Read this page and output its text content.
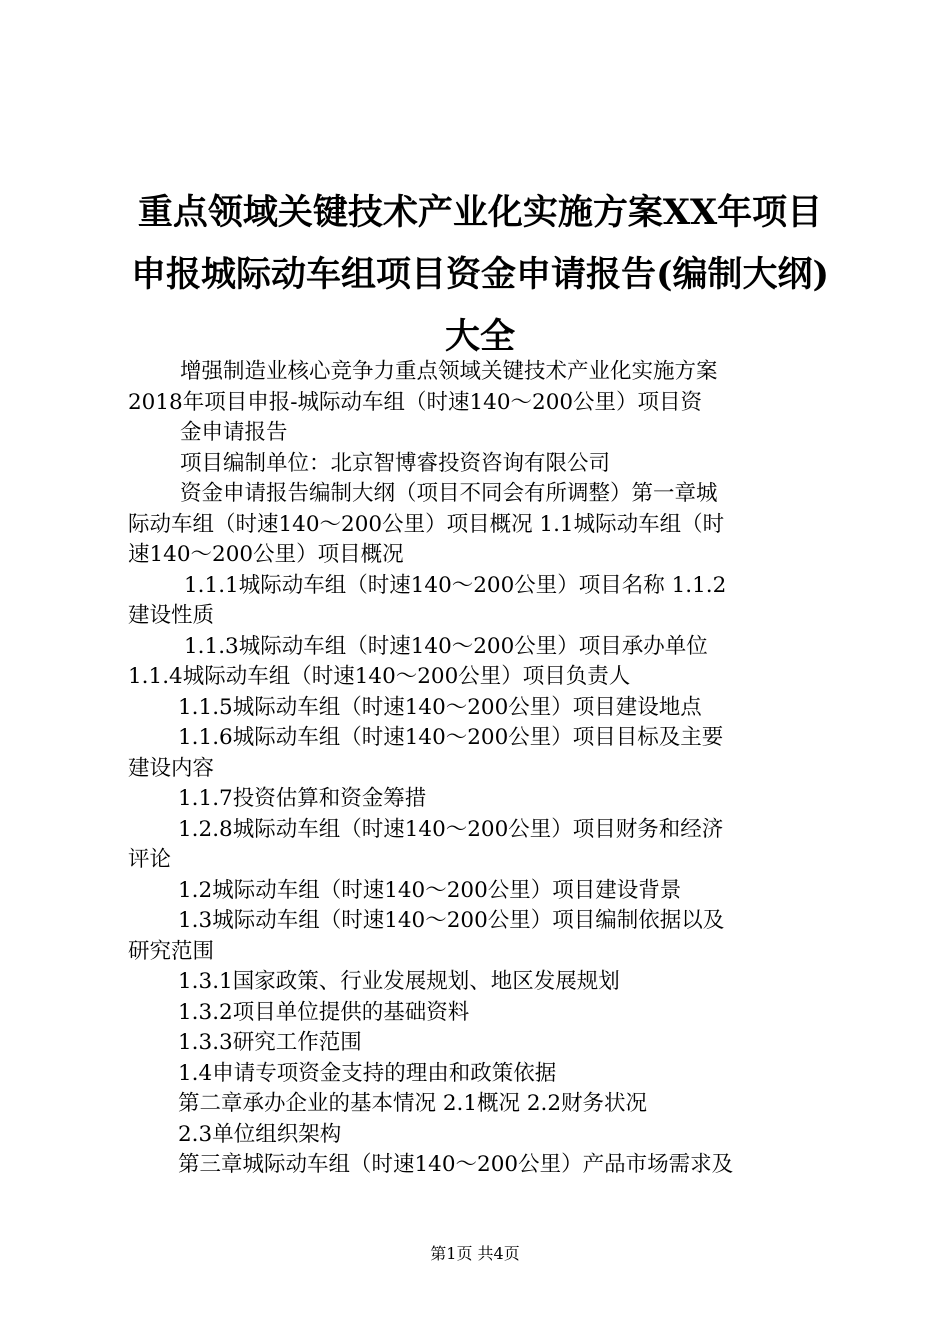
重点领域关键技术产业化实施方案XX年项目
申报城际动车组项目资金申请报告(编制大纲)
大全
增强制造业核心竞争力重点领域关键技术产业化实施方案
2018年项目申报-城际动车组（时速140～200公里）项目资
金申请报告
项目编制单位：北京智博睿投资咨询有限公司
资金申请报告编制大纲（项目不同会有所调整）第一章城
际动车组（时速140～200公里）项目概况 1.1城际动车组（时
速140～200公里）项目概况
1.1.1城际动车组（时速140～200公里）项目名称 1.1.2
建设性质
1.1.3城际动车组（时速140～200公里）项目承办单位
1.1.4城际动车组（时速140～200公里）项目负责人
1.1.5城际动车组（时速140～200公里）项目建设地点
1.1.6城际动车组（时速140～200公里）项目目标及主要
建设内容
1.1.7投资估算和资金筹措
1.2.8城际动车组（时速140～200公里）项目财务和经济
评论
1.2城际动车组（时速140～200公里）项目建设背景
1.3城际动车组（时速140～200公里）项目编制依据以及
研究范围
1.3.1国家政策、行业发展规划、地区发展规划
1.3.2项目单位提供的基础资料
1.3.3研究工作范围
1.4申请专项资金支持的理由和政策依据
第二章承办企业的基本情况 2.1概况 2.2财务状况
2.3单位组织架构
第三章城际动车组（时速140～200公里）产品市场需求及
第1页 共4页
